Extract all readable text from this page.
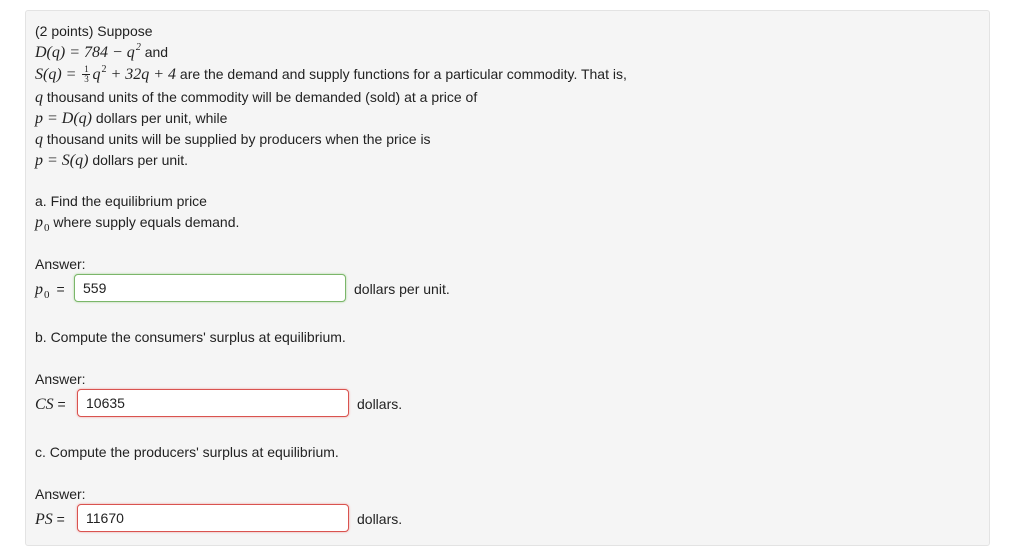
(2 points) Suppose
D(q) = 784 − q2 and
$S(q) = \frac{1}{3} q2 + 32q + 4$ are the demand and supply functions for a particular commodity. That is,
q thousand units of the commodity will be demanded (sold) at a price of
p = D(q) dollars per unit, while
q thousand units will be supplied by producers when the price is
p = S(q) dollars per unit.
a. Find the equilibrium price
p0 where supply equals demand.
Answer:
p0 =	559	dollars per unit.
b. Compute the consumers' surplus at equilibrium.
Answer:
CS =	10635	dollars.
c. Compute the producers' surplus at equilibrium.
Answer:
PS =	11670	dollars.
